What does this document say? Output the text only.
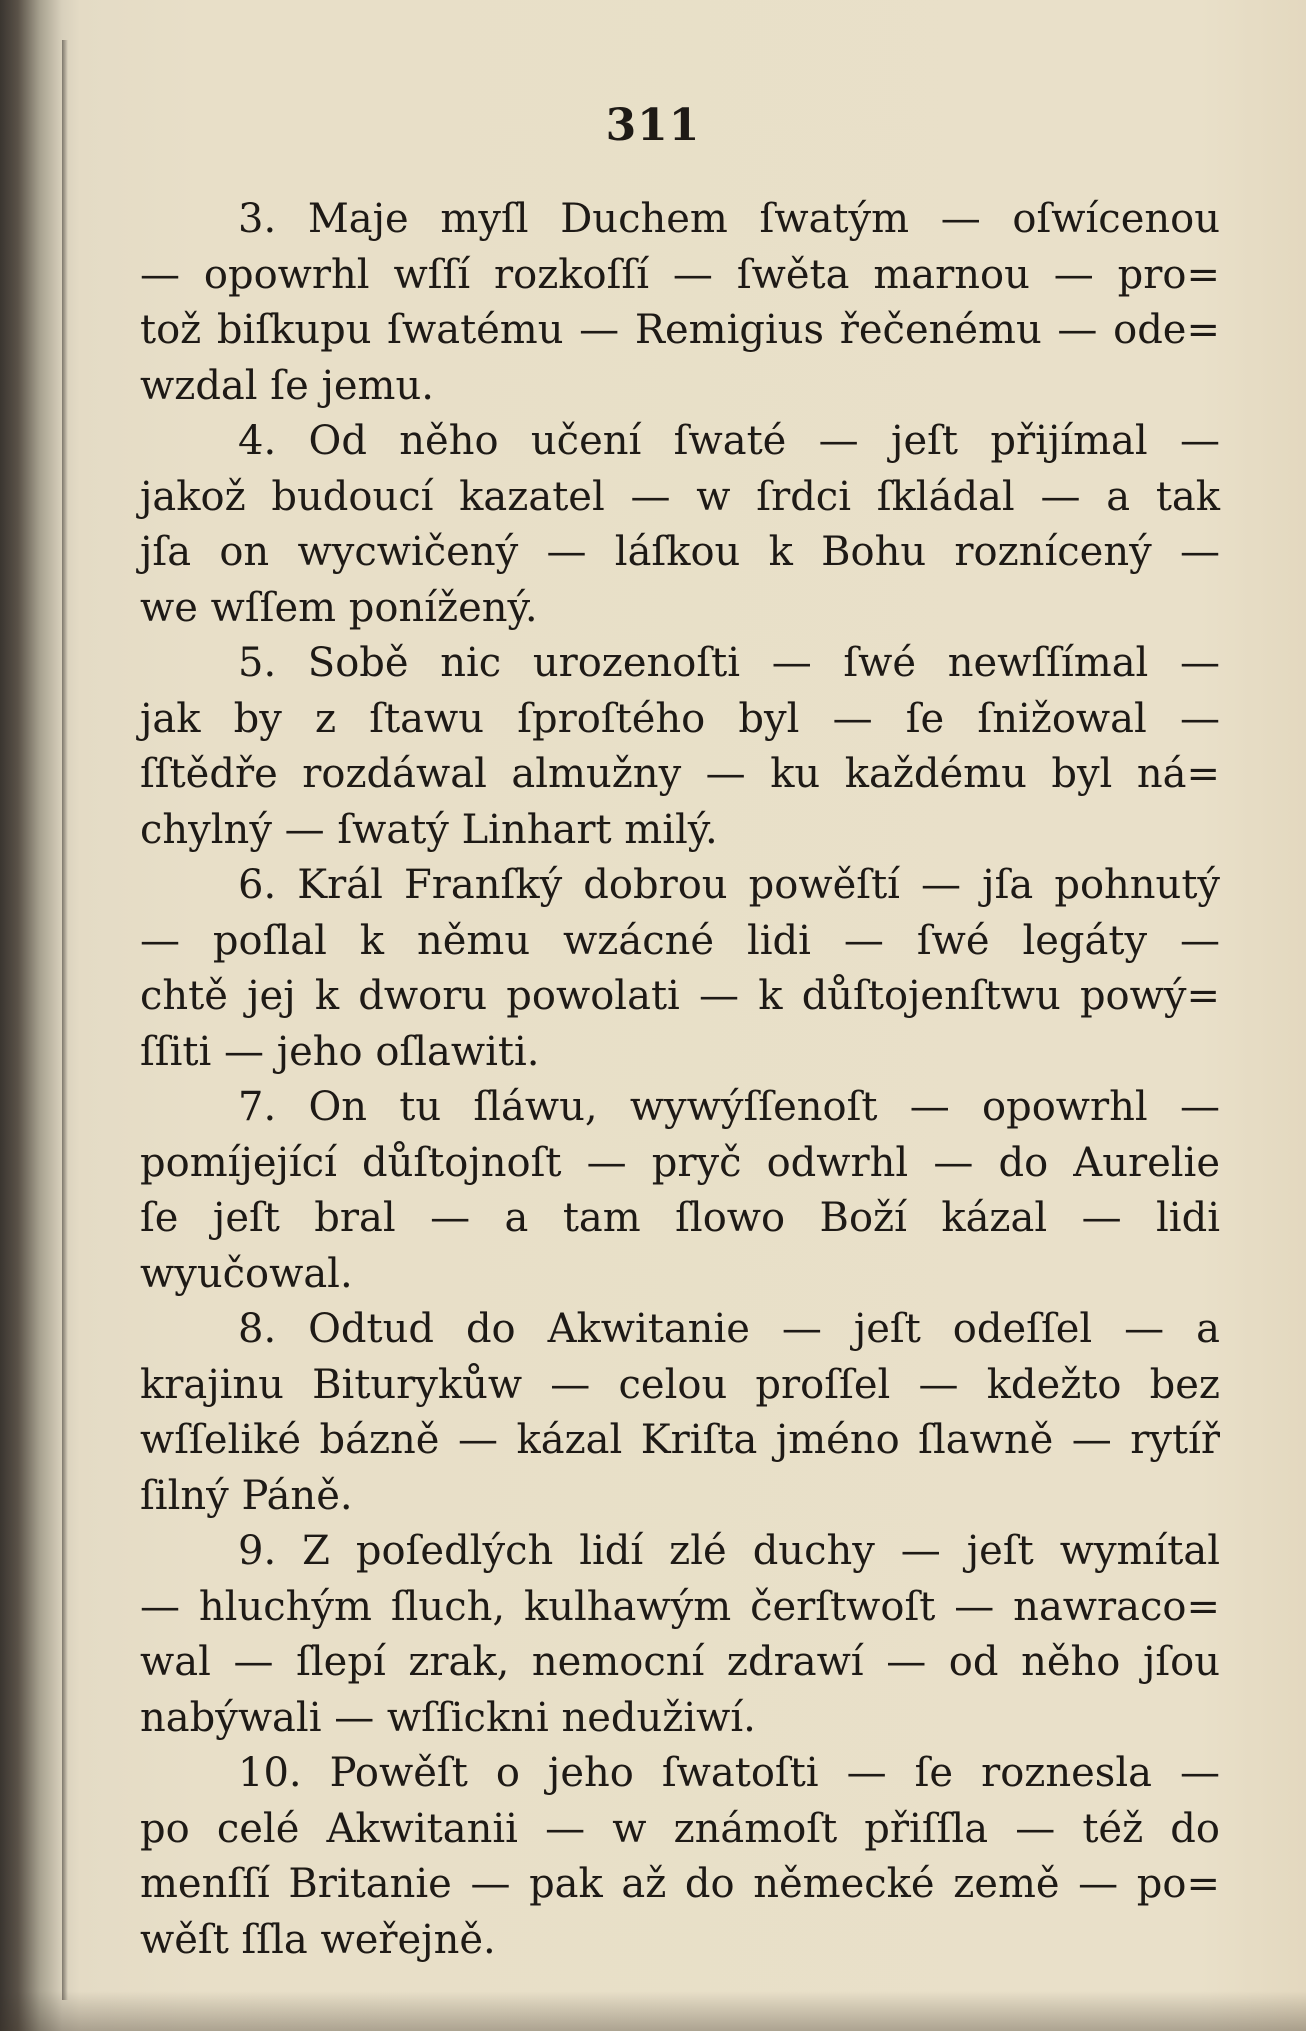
311

3. Maje myſl Duchem ſwatým — oſwícenou
— opowrhl wſſí rozkoſſí — ſwěta marnou — pro=
tož biſkupu ſwatému — Remigius řečenému — ode=
wzdal ſe jemu.

4. Od něho učení ſwaté — jeſt přijímal —
jakož budoucí kazatel — w ſrdci ſkládal — a tak
jſa on wycwičený — láſkou k Bohu roznícený —
we wſſem ponížený.

5. Sobě nic urozenoſti — ſwé newſſímal —
jak by z ſtawu ſproſtého byl — ſe ſnižowal —
ſſtědře rozdáwal almužny — ku každému byl ná=
chylný — ſwatý Linhart milý.

6. Král Franſký dobrou powěſtí — jſa pohnutý
— poſlal k němu wzácné lidi — ſwé legáty —
chtě jej k dworu powolati — k důſtojenſtwu powý=
ſſiti — jeho oſlawiti.

7. On tu ſláwu, wywýſſenoſt — opowrhl —
pomíjející důſtojnoſt — pryč odwrhl — do Aurelie
ſe jeſt bral — a tam ſlowo Boží kázal — lidi
wyučowal.

8. Odtud do Akwitanie — jeſt odeſſel — a
krajinu Biturykůw — celou proſſel — kdežto bez
wſſeliké bázně — kázal Kriſta jméno ſlawně — rytíř
ſilný Páně.

9. Z poſedlých lidí zlé duchy — jeſt wymítal
— hluchým ſluch, kulhawým čerſtwoſt — nawraco=
wal — ſlepí zrak, nemocní zdrawí — od něho jſou
nabýwali — wſſickni nedužiwí.

10. Powěſt o jeho ſwatoſti — ſe roznesla —
po celé Akwitanii — w známoſt přiſſla — též do
menſſí Britanie — pak až do německé země — po=
wěſt ſſla weřejně.
